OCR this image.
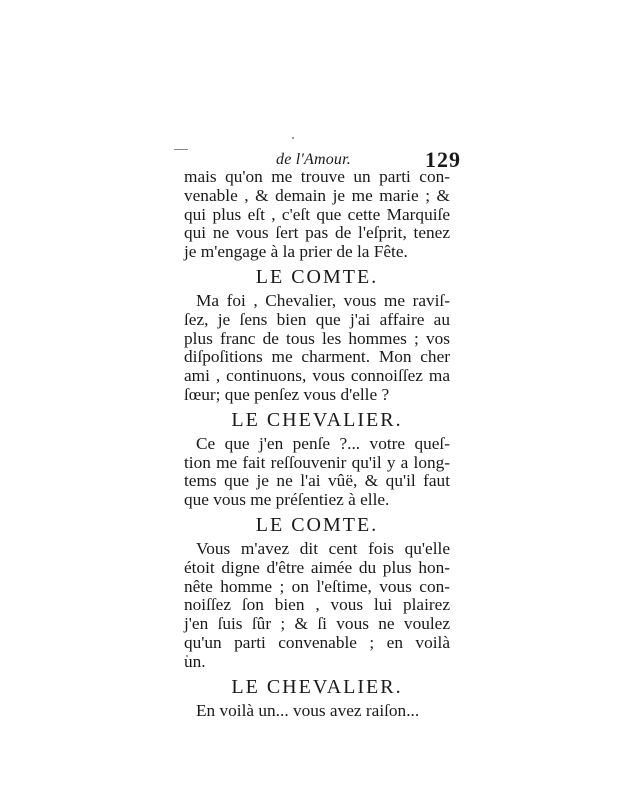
de l'Amour.	129
mais qu'on me trouve un parti con-
venable , & demain je me marie ; &
qui plus eſt , c'eſt que cette Marquiſe
qui ne vous ſert pas de l'eſprit, tenez
je m'engage à la prier de la Fête.
LE COMTE.
Ma foi , Chevalier, vous me raviſ-
ſez, je ſens bien que j'ai affaire au
plus franc de tous les hommes ; vos
diſpoſitions me charment. Mon cher
ami , continuons, vous connoiſſez ma
ſœur; que penſez vous d'elle ?
LE CHEVALIER.
Ce que j'en penſe ?... votre queſ-
tion me fait reſſouvenir qu'il y a long-
tems que je ne l'ai vûë, & qu'il faut
que vous me préſentiez à elle.
LE COMTE.
Vous m'avez dit cent fois qu'elle
étoit digne d'être aimée du plus hon-
nête homme ; on l'eſtime, vous con-
noiſſez ſon bien , vous lui plairez
j'en ſuis ſûr ; & ſi vous ne voulez
qu'un parti convenable ; en voilà
un.
LE CHEVALIER.
En voilà un... vous avez raiſon...
